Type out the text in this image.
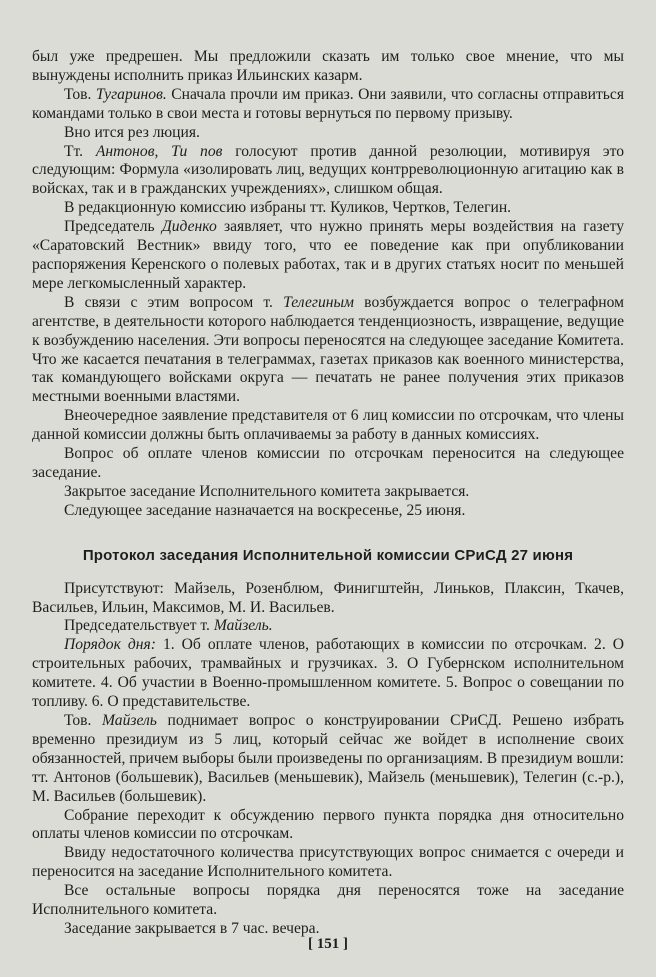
был уже предрешен. Мы предложили сказать им только свое мнение, что мы вынуждены исполнить приказ Ильинских казарм.

Тов. Тугаринов. Сначала прочли им приказ. Они заявили, что согласны отправиться командами только в свои места и готовы вернуться по первому призыву.

Вно ится рез люция.

Тт. Антонов, Ти пов голосуют против данной резолюции, мотивируя это следующим: Формула «изолировать лиц, ведущих контрреволюционную агитацию как в войсках, так и в гражданских учреждениях», слишком общая.

В редакционную комиссию избраны тт. Куликов, Чертков, Телегин.

Председатель Диденко заявляет, что нужно принять меры воздействия на газету «Саратовский Вестник» ввиду того, что ее поведение как при опубликовании распоряжения Керенского о полевых работах, так и в других статьях носит по меньшей мере легкомысленный характер.

В связи с этим вопросом т. Телегиным возбуждается вопрос о телеграфном агентстве, в деятельности которого наблюдается тенденциозность, извращение, ведущие к возбуждению населения. Эти вопросы переносятся на следующее заседание Комитета. Что же касается печатания в телеграммах, газетах приказов как военного министерства, так командующего войсками округа — печатать не ранее получения этих приказов местными военными властями.

Внеочередное заявление представителя от 6 лиц комиссии по отсрочкам, что члены данной комиссии должны быть оплачиваемы за работу в данных комиссиях.

Вопрос об оплате членов комиссии по отсрочкам переносится на следующее заседание.

Закрытое заседание Исполнительного комитета закрывается.

Следующее заседание назначается на воскресенье, 25 июня.

Протокол заседания Исполнительной комиссии СРиСД 27 июня

Присутствуют: Майзель, Розенблюм, Финигштейн, Линьков, Плаксин, Ткачев, Васильев, Ильин, Максимов, М. И. Васильев.

Председательствует т. Майзель.

Порядок дня: 1. Об оплате членов, работающих в комиссии по отсрочкам. 2. О строительных рабочих, трамвайных и грузчиках. 3. О Губернском исполнительном комитете. 4. Об участии в Военно-промышленном комитете. 5. Вопрос о совещании по топливу. 6. О представительстве.

Тов. Майзель поднимает вопрос о конструировании СРиСД. Решено избрать временно президиум из 5 лиц, который сейчас же войдет в исполнение своих обязанностей, причем выборы были произведены по организациям. В президиум вошли: тт. Антонов (большевик), Васильев (меньшевик), Майзель (меньшевик), Телегин (с.-р.), М. Васильев (большевик).

Собрание переходит к обсуждению первого пункта порядка дня относительно оплаты членов комиссии по отсрочкам.

Ввиду недостаточного количества присутствующих вопрос снимается с очереди и переносится на заседание Исполнительного комитета.

Все остальные вопросы порядка дня переносятся тоже на заседание Исполнительного комитета.

Заседание закрывается в 7 час. вечера.

[ 151 ]
